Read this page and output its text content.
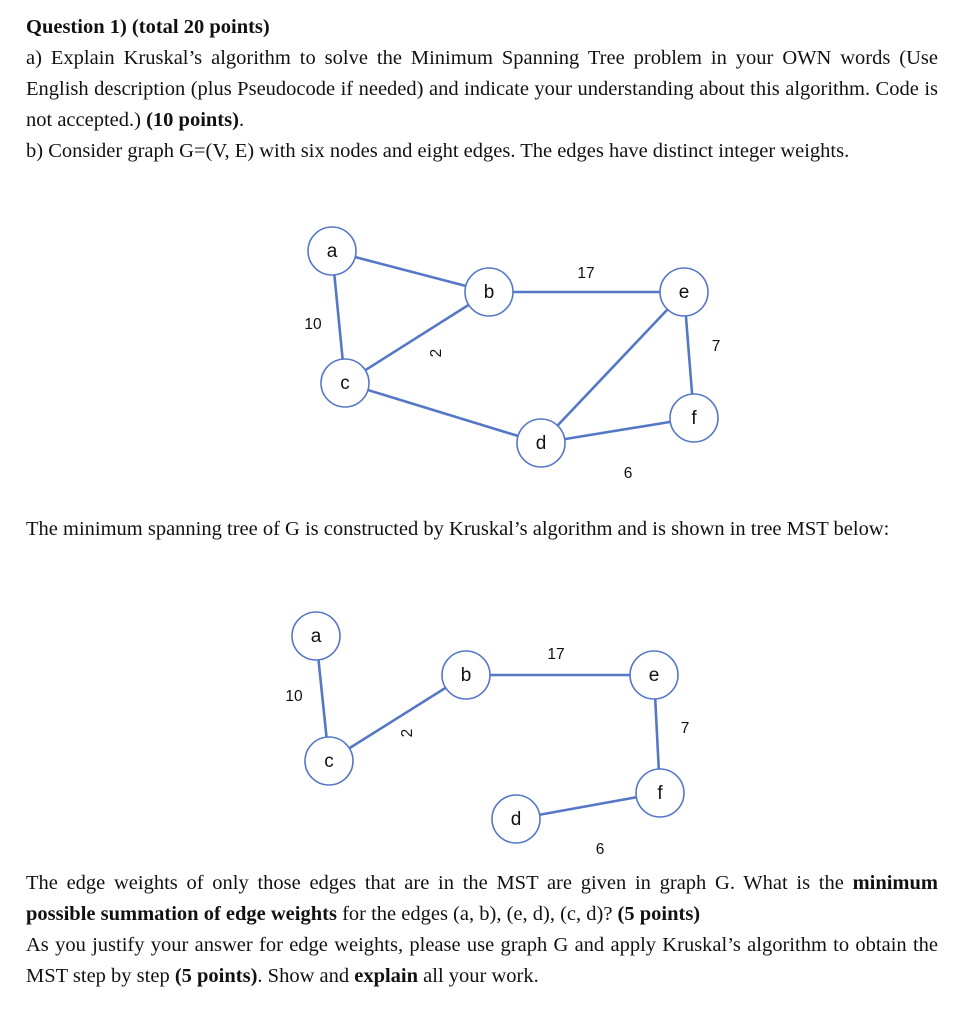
Question 1) (total 20 points)
a) Explain Kruskal’s algorithm to solve the Minimum Spanning Tree problem in your OWN words (Use English description (plus Pseudocode if needed) and indicate your understanding about this algorithm. Code is not accepted.) (10 points).
b) Consider graph G=(V, E) with six nodes and eight edges. The edges have distinct integer weights.
10
2
17
7
6
a
b
c
d
e
f
The minimum spanning tree of G is constructed by Kruskal’s algorithm and is shown in tree MST below:
10
2
17
7
6
a
b
c
d
e
f
The edge weights of only those edges that are in the MST are given in graph G. What is the minimum possible summation of edge weights for the edges (a, b), (e, d), (c, d)? (5 points)
As you justify your answer for edge weights, please use graph G and apply Kruskal’s algorithm to obtain the MST step by step (5 points). Show and explain all your work.
